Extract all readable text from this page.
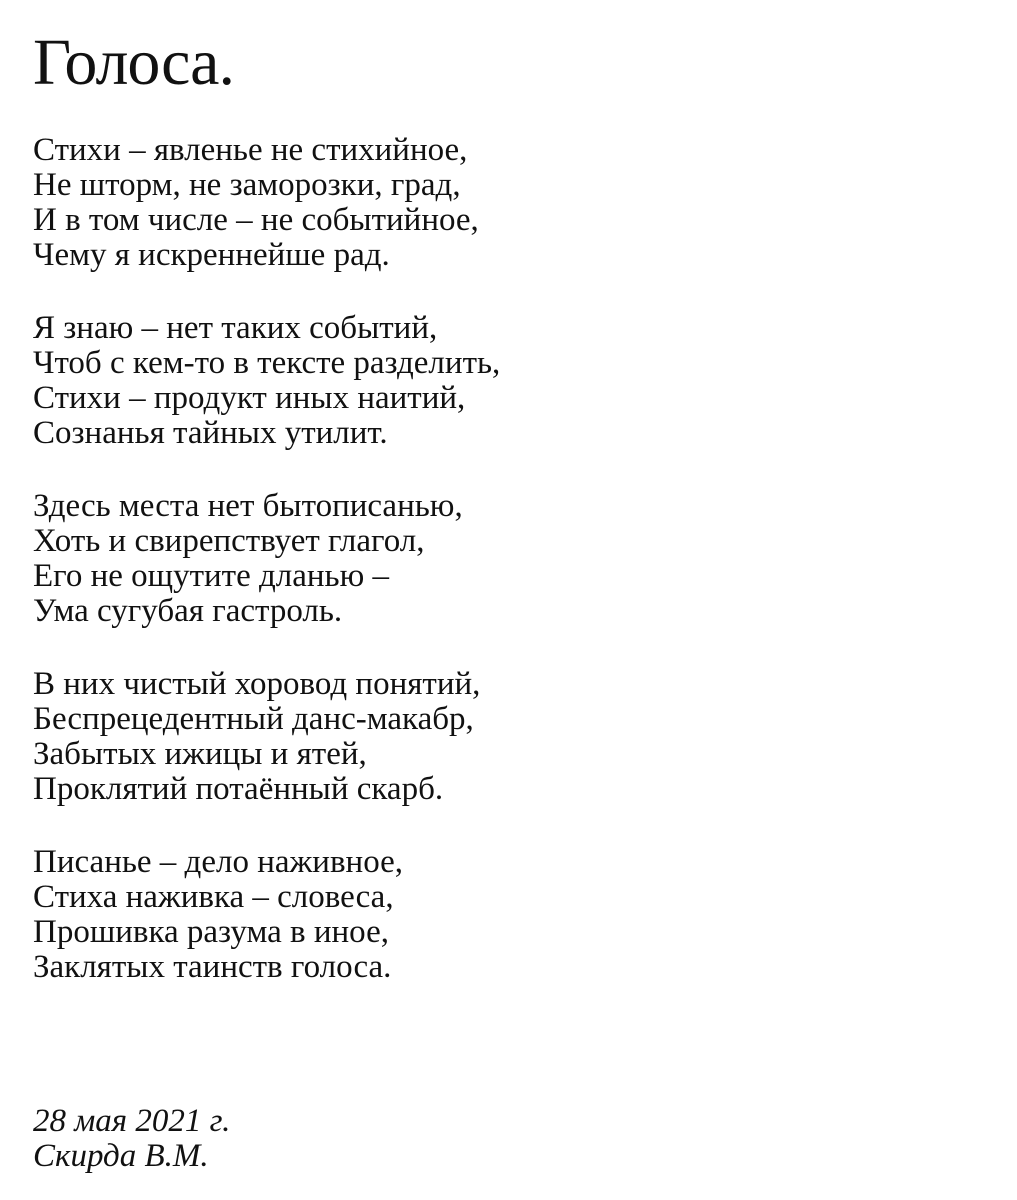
Голоса.
Стихи – явленье не стихийное,
Не шторм, не заморозки, град,
И в том числе – не событийное,
Чему я искреннейше рад.
Я знаю – нет таких событий,
Чтоб с кем-то в тексте разделить,
Стихи – продукт иных наитий,
Сознанья тайных утилит.
Здесь места нет бытописанью,
Хоть и свирепствует глагол,
Его не ощутите дланью –
Ума сугубая гастроль.
В них чистый хоровод понятий,
Беспрецедентный данс-макабр,
Забытых ижицы и ятей,
Проклятий потаённый скарб.
Писанье – дело наживное,
Стиха наживка – словеса,
Прошивка разума в иное,
Заклятых таинств голоса.
28 мая 2021 г.
Скирда В.М.
